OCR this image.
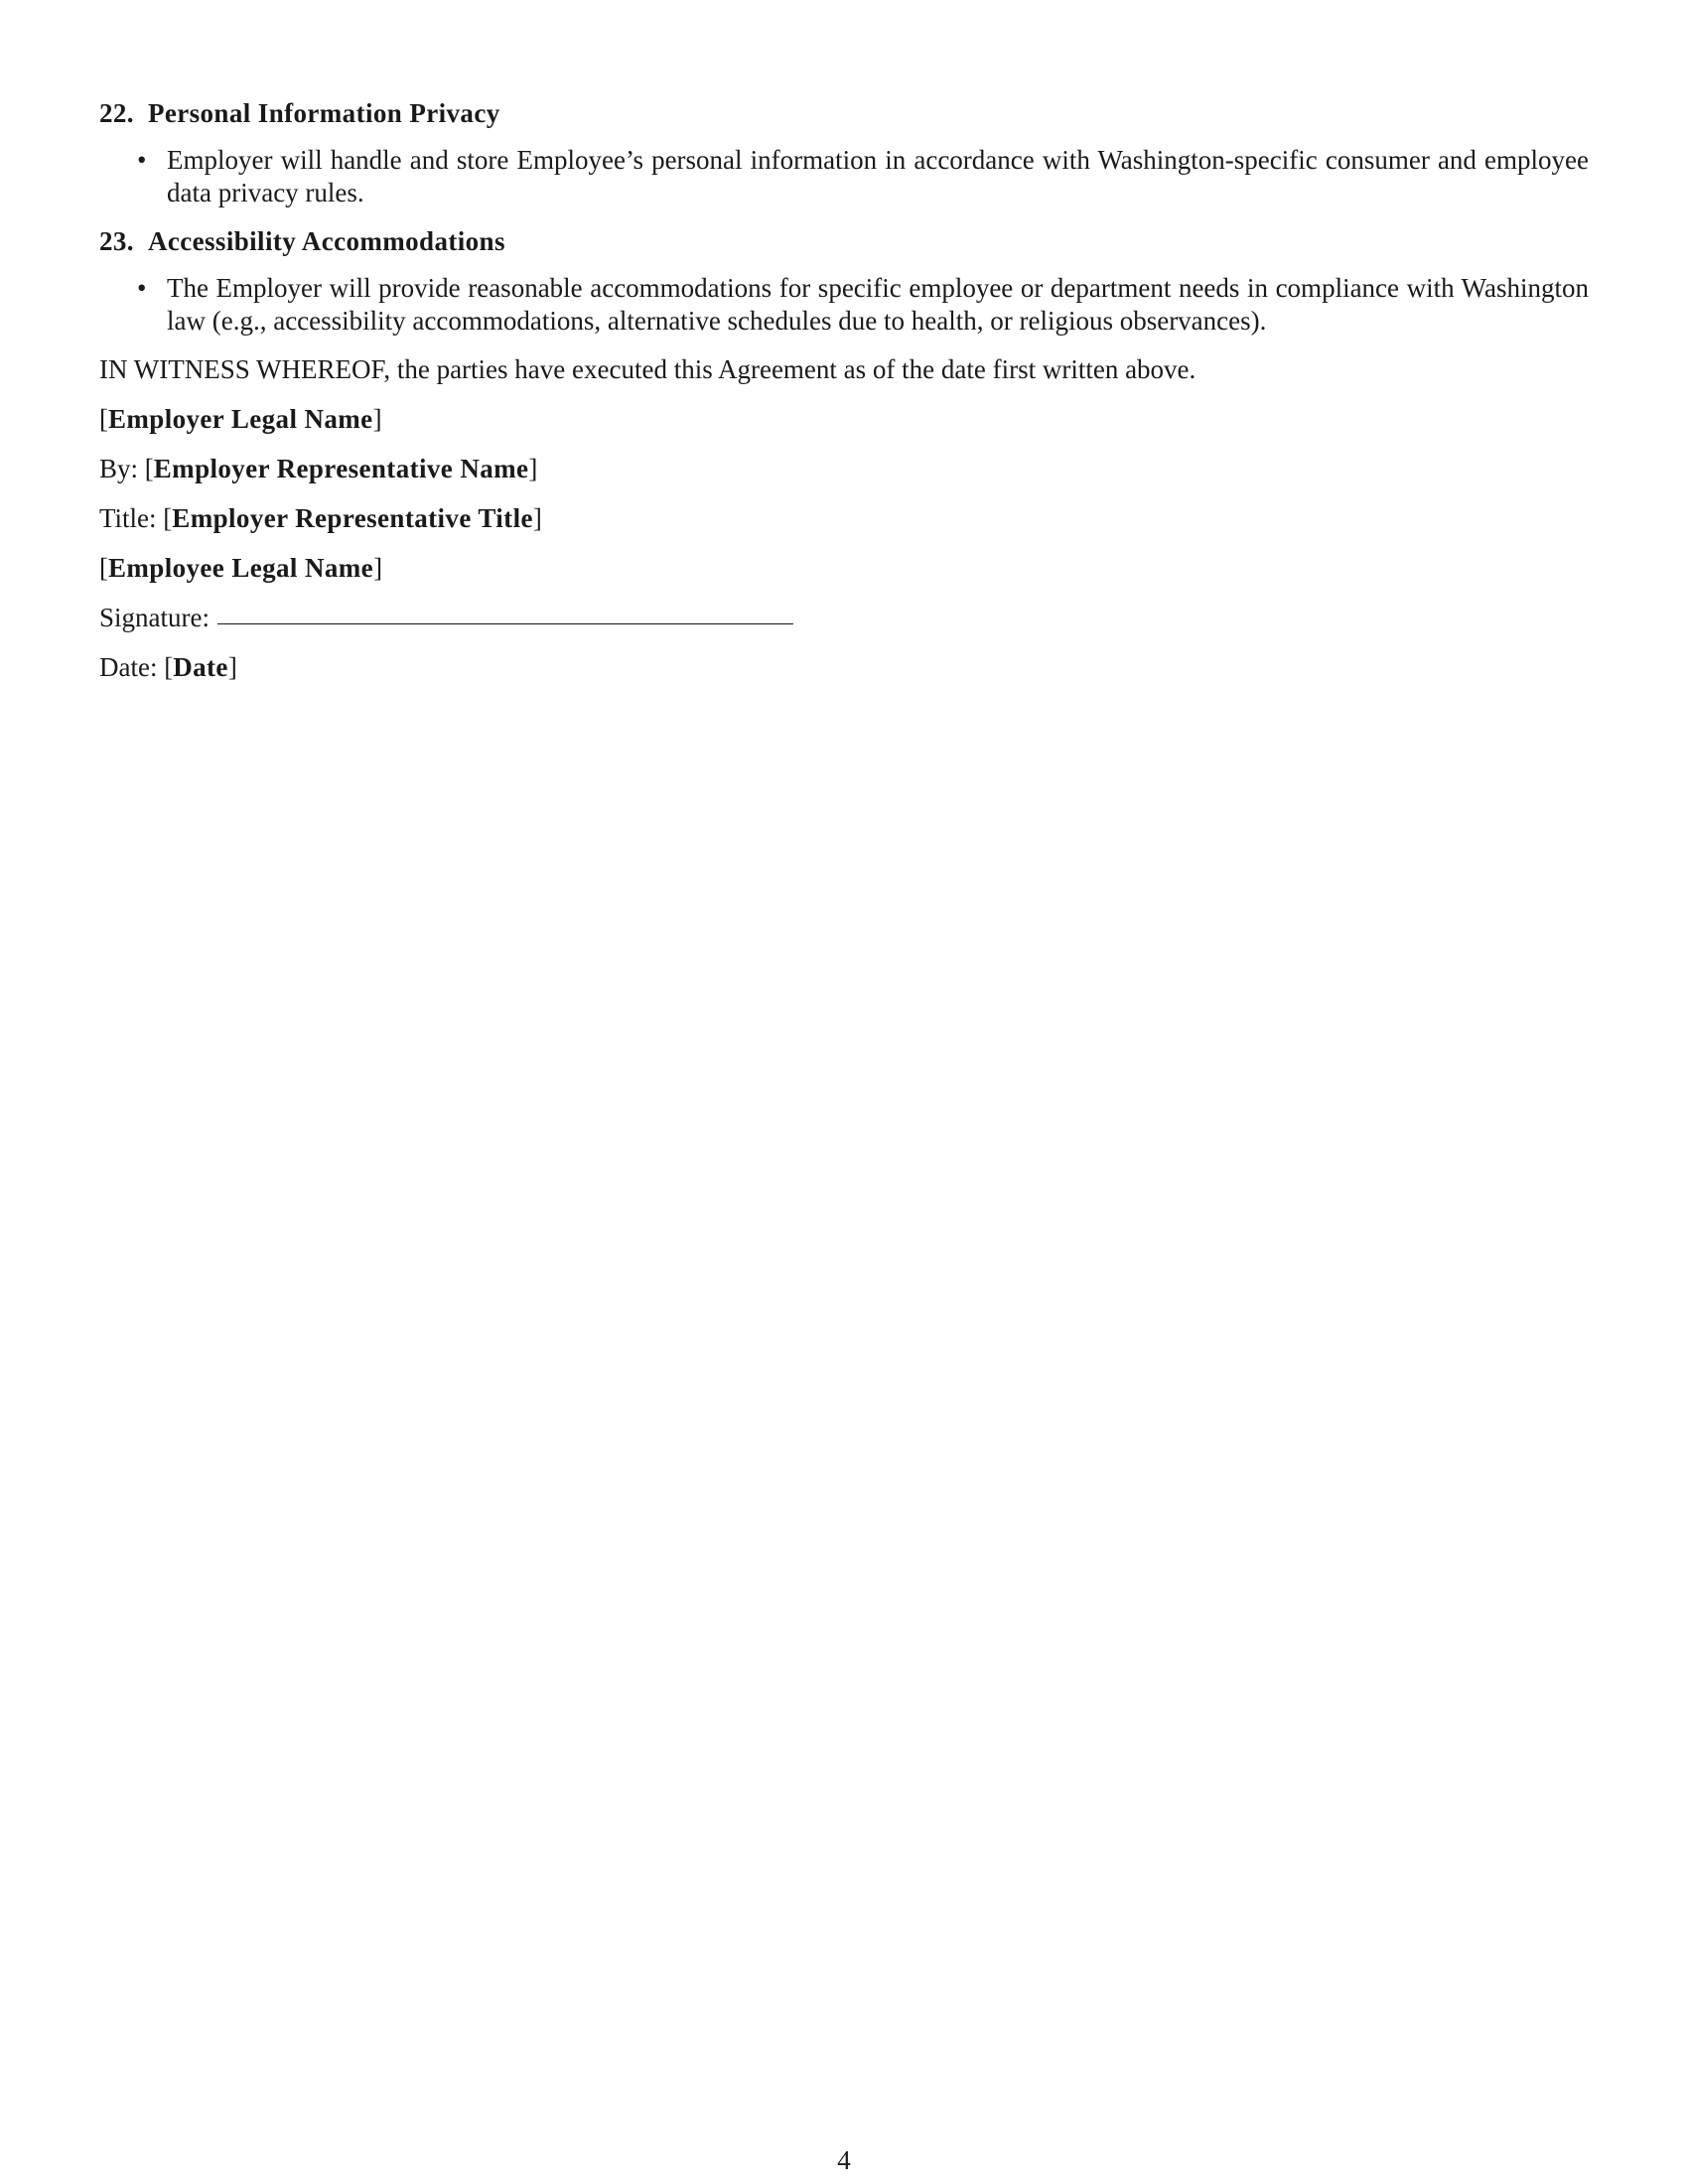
22. Personal Information Privacy
• Employer will handle and store Employee’s personal information in accordance with Washington-specific consumer and employee data privacy rules.
23. Accessibility Accommodations
• The Employer will provide reasonable accommodations for specific employee or department needs in compliance with Washington law (e.g., accessibility accommodations, alternative schedules due to health, or religious observances).

IN WITNESS WHEREOF, the parties have executed this Agreement as of the date first written above.

[Employer Legal Name]
By: [Employer Representative Name]
Title: [Employer Representative Title]
[Employee Legal Name]
Signature:
Date: [Date]
4
